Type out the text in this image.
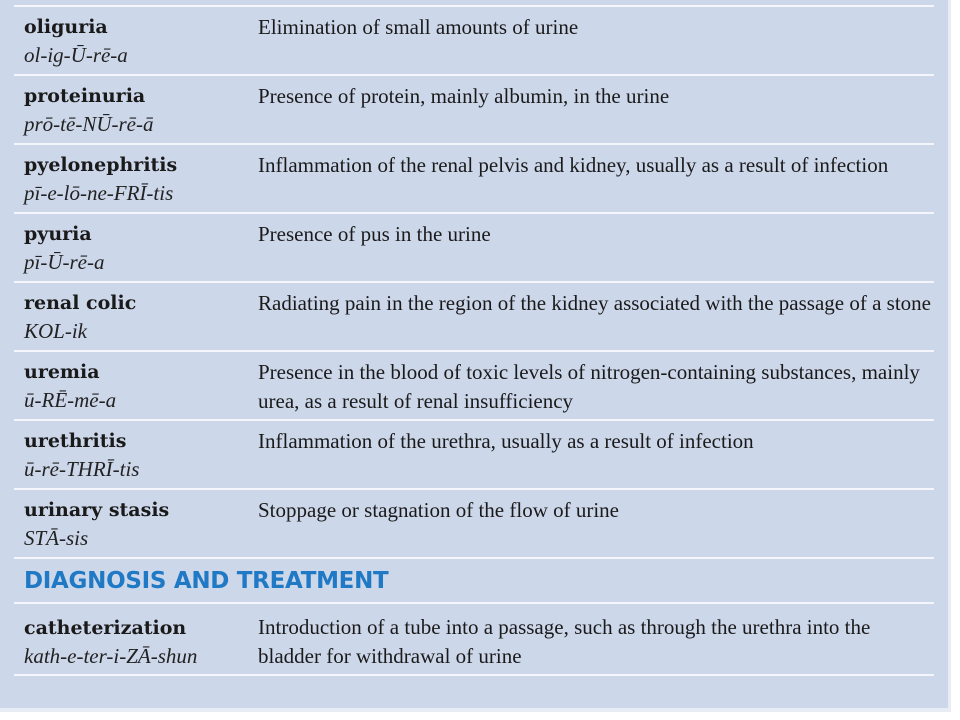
oliguria
ol-ig-Ū-rē-a
Elimination of small amounts of urine
proteinuria
prō-tē-NŪ-rē-ā
Presence of protein, mainly albumin, in the urine
pyelonephritis
pī-e-lō-ne-FRĪ-tis
Inflammation of the renal pelvis and kidney, usually as a result of infection
pyuria
pī-Ū-rē-a
Presence of pus in the urine
renal colic
KOL-ik
Radiating pain in the region of the kidney associated with the passage of a stone
uremia
ū-RĒ-mē-a
Presence in the blood of toxic levels of nitrogen-containing substances, mainly urea, as a result of renal insufficiency
urethritis
ū-rē-THRĪ-tis
Inflammation of the urethra, usually as a result of infection
urinary stasis
STĀ-sis
Stoppage or stagnation of the flow of urine
DIAGNOSIS AND TREATMENT
catheterization
kath-e-ter-i-ZĀ-shun
Introduction of a tube into a passage, such as through the urethra into the bladder for withdrawal of urine
